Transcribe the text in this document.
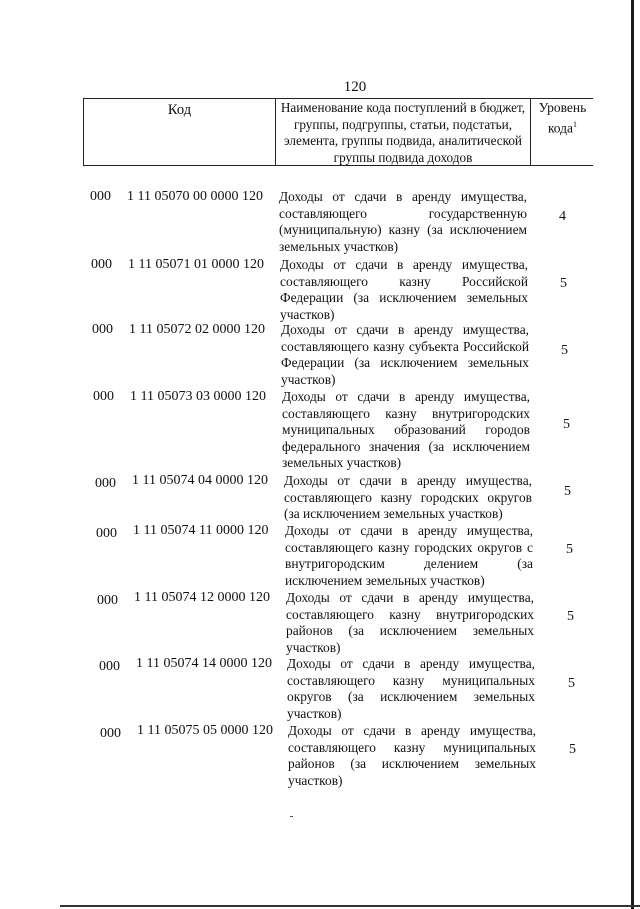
120
Код	Наименование кода поступлений в бюджет, группы, подгруппы, статьи, подстатьи, элемента, группы подвида, аналитической группы подвида доходов
Уровень кода$^1$
000 1 11 05070 00 0000 120 Доходы от сдачи в аренду имущества, составляющего государственную (муниципальную) казну (за исключением земельных участков)
4
000 1 11 05071 01 0000 120 Доходы от сдачи в аренду имущества, составляющего казну Российской Федерации (за исключением земельных участков)
5
000 1 11 05072 02 0000 120 Доходы от сдачи в аренду имущества, составляющего казну субъекта Российской Федерации (за исключением земельных участков)
5
000 1 11 05073 03 0000 120 Доходы от сдачи в аренду имущества, составляющего казну внутригородских муниципальных образований городов федерального значения (за исключением земельных участков)
5
000 1 11 05074 04 0000 120 Доходы от сдачи в аренду имущества, составляющего казну городских округов (за исключением земельных участков)
5
000 1 11 05074 11 0000 120 Доходы от сдачи в аренду имущества, составляющего казну городских округов с внутригородским делением (за исключением земельных участков)
5
000 1 11 05074 12 0000 120 Доходы от сдачи в аренду имущества, составляющего казну внутригородских районов (за исключением земельных участков)
5
000 1 11 05074 14 0000 120 Доходы от сдачи в аренду имущества, составляющего казну муниципальных округов (за исключением земельных участков)
5
000 1 11 05075 05 0000 120 Доходы от сдачи в аренду имущества, составляющего казну муниципальных районов (за исключением земельных участков)
5
